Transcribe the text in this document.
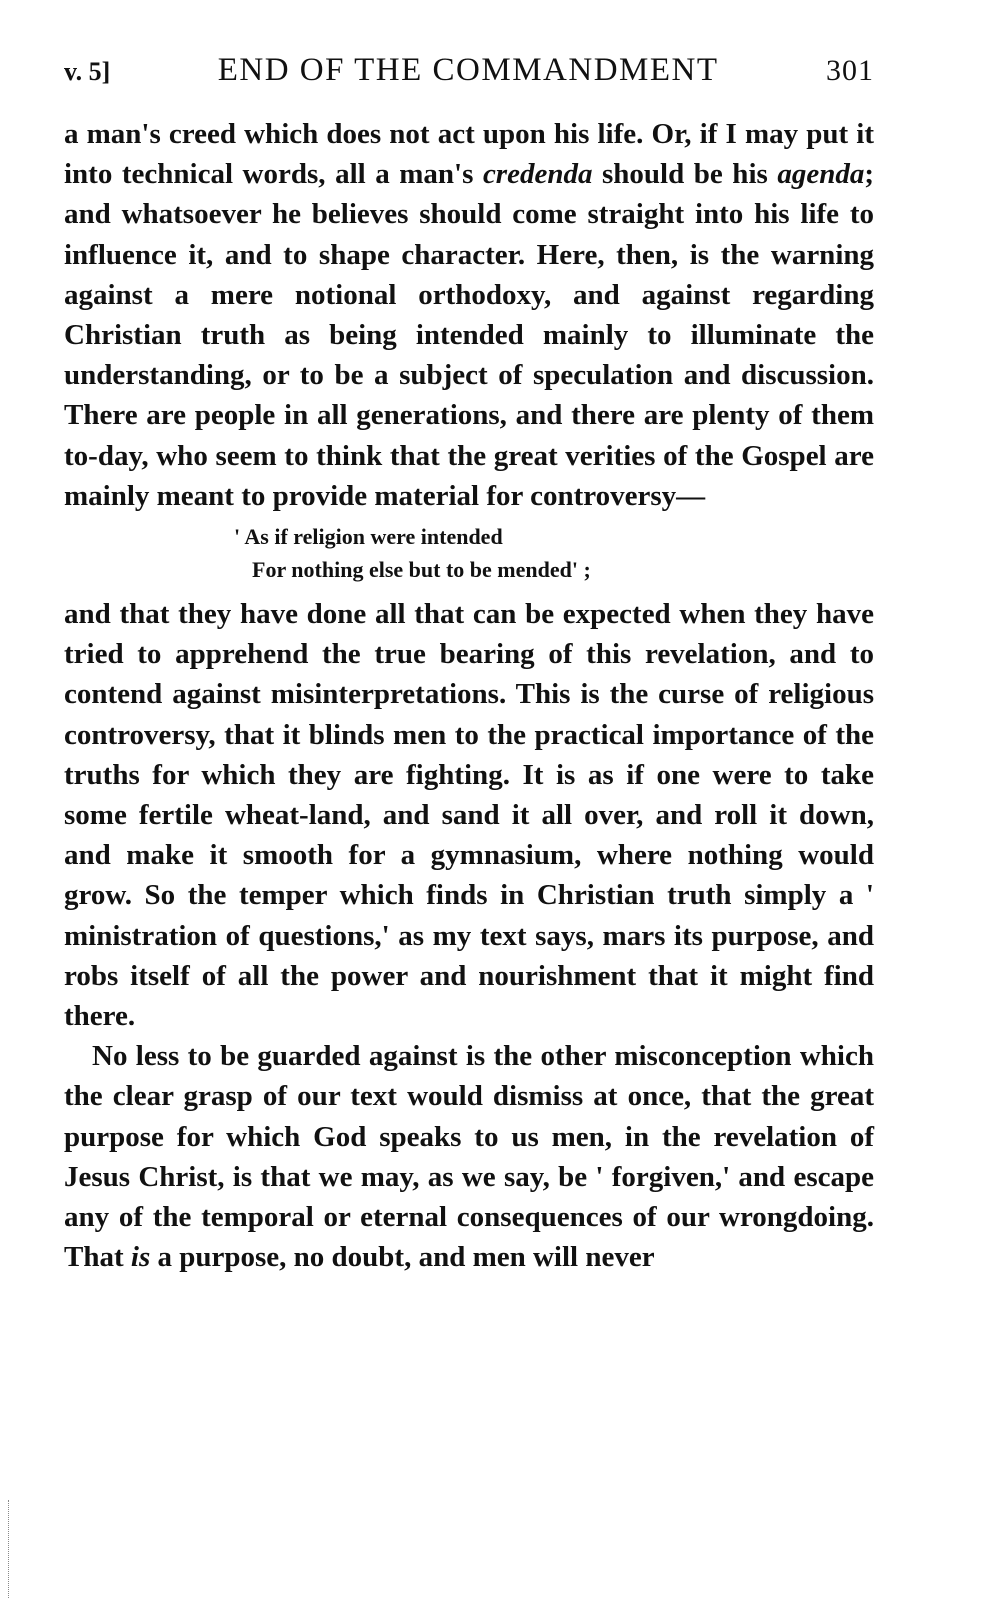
v. 5]	END OF THE COMMANDMENT	301

a man's creed which does not act upon his life. Or, if I may put it into technical words, all a man's credenda should be his agenda; and whatsoever he believes should come straight into his life to influence it, and to shape character. Here, then, is the warning against a mere notional orthodoxy, and against regarding Christian truth as being intended mainly to illuminate the understanding, or to be a subject of speculation and discussion. There are people in all generations, and there are plenty of them to-day, who seem to think that the great verities of the Gospel are mainly meant to provide material for controversy—

' As if religion were intended
For nothing else but to be mended' ;

and that they have done all that can be expected when they have tried to apprehend the true bearing of this revelation, and to contend against misinterpretations. This is the curse of religious controversy, that it blinds men to the practical importance of the truths for which they are fighting. It is as if one were to take some fertile wheat-land, and sand it all over, and roll it down, and make it smooth for a gymnasium, where nothing would grow. So the temper which finds in Christian truth simply a ' ministration of questions,' as my text says, mars its purpose, and robs itself of all the power and nourishment that it might find there.

No less to be guarded against is the other misconception which the clear grasp of our text would dismiss at once, that the great purpose for which God speaks to us men, in the revelation of Jesus Christ, is that we may, as we say, be ' forgiven,' and escape any of the temporal or eternal consequences of our wrongdoing. That is a purpose, no doubt, and men will never
